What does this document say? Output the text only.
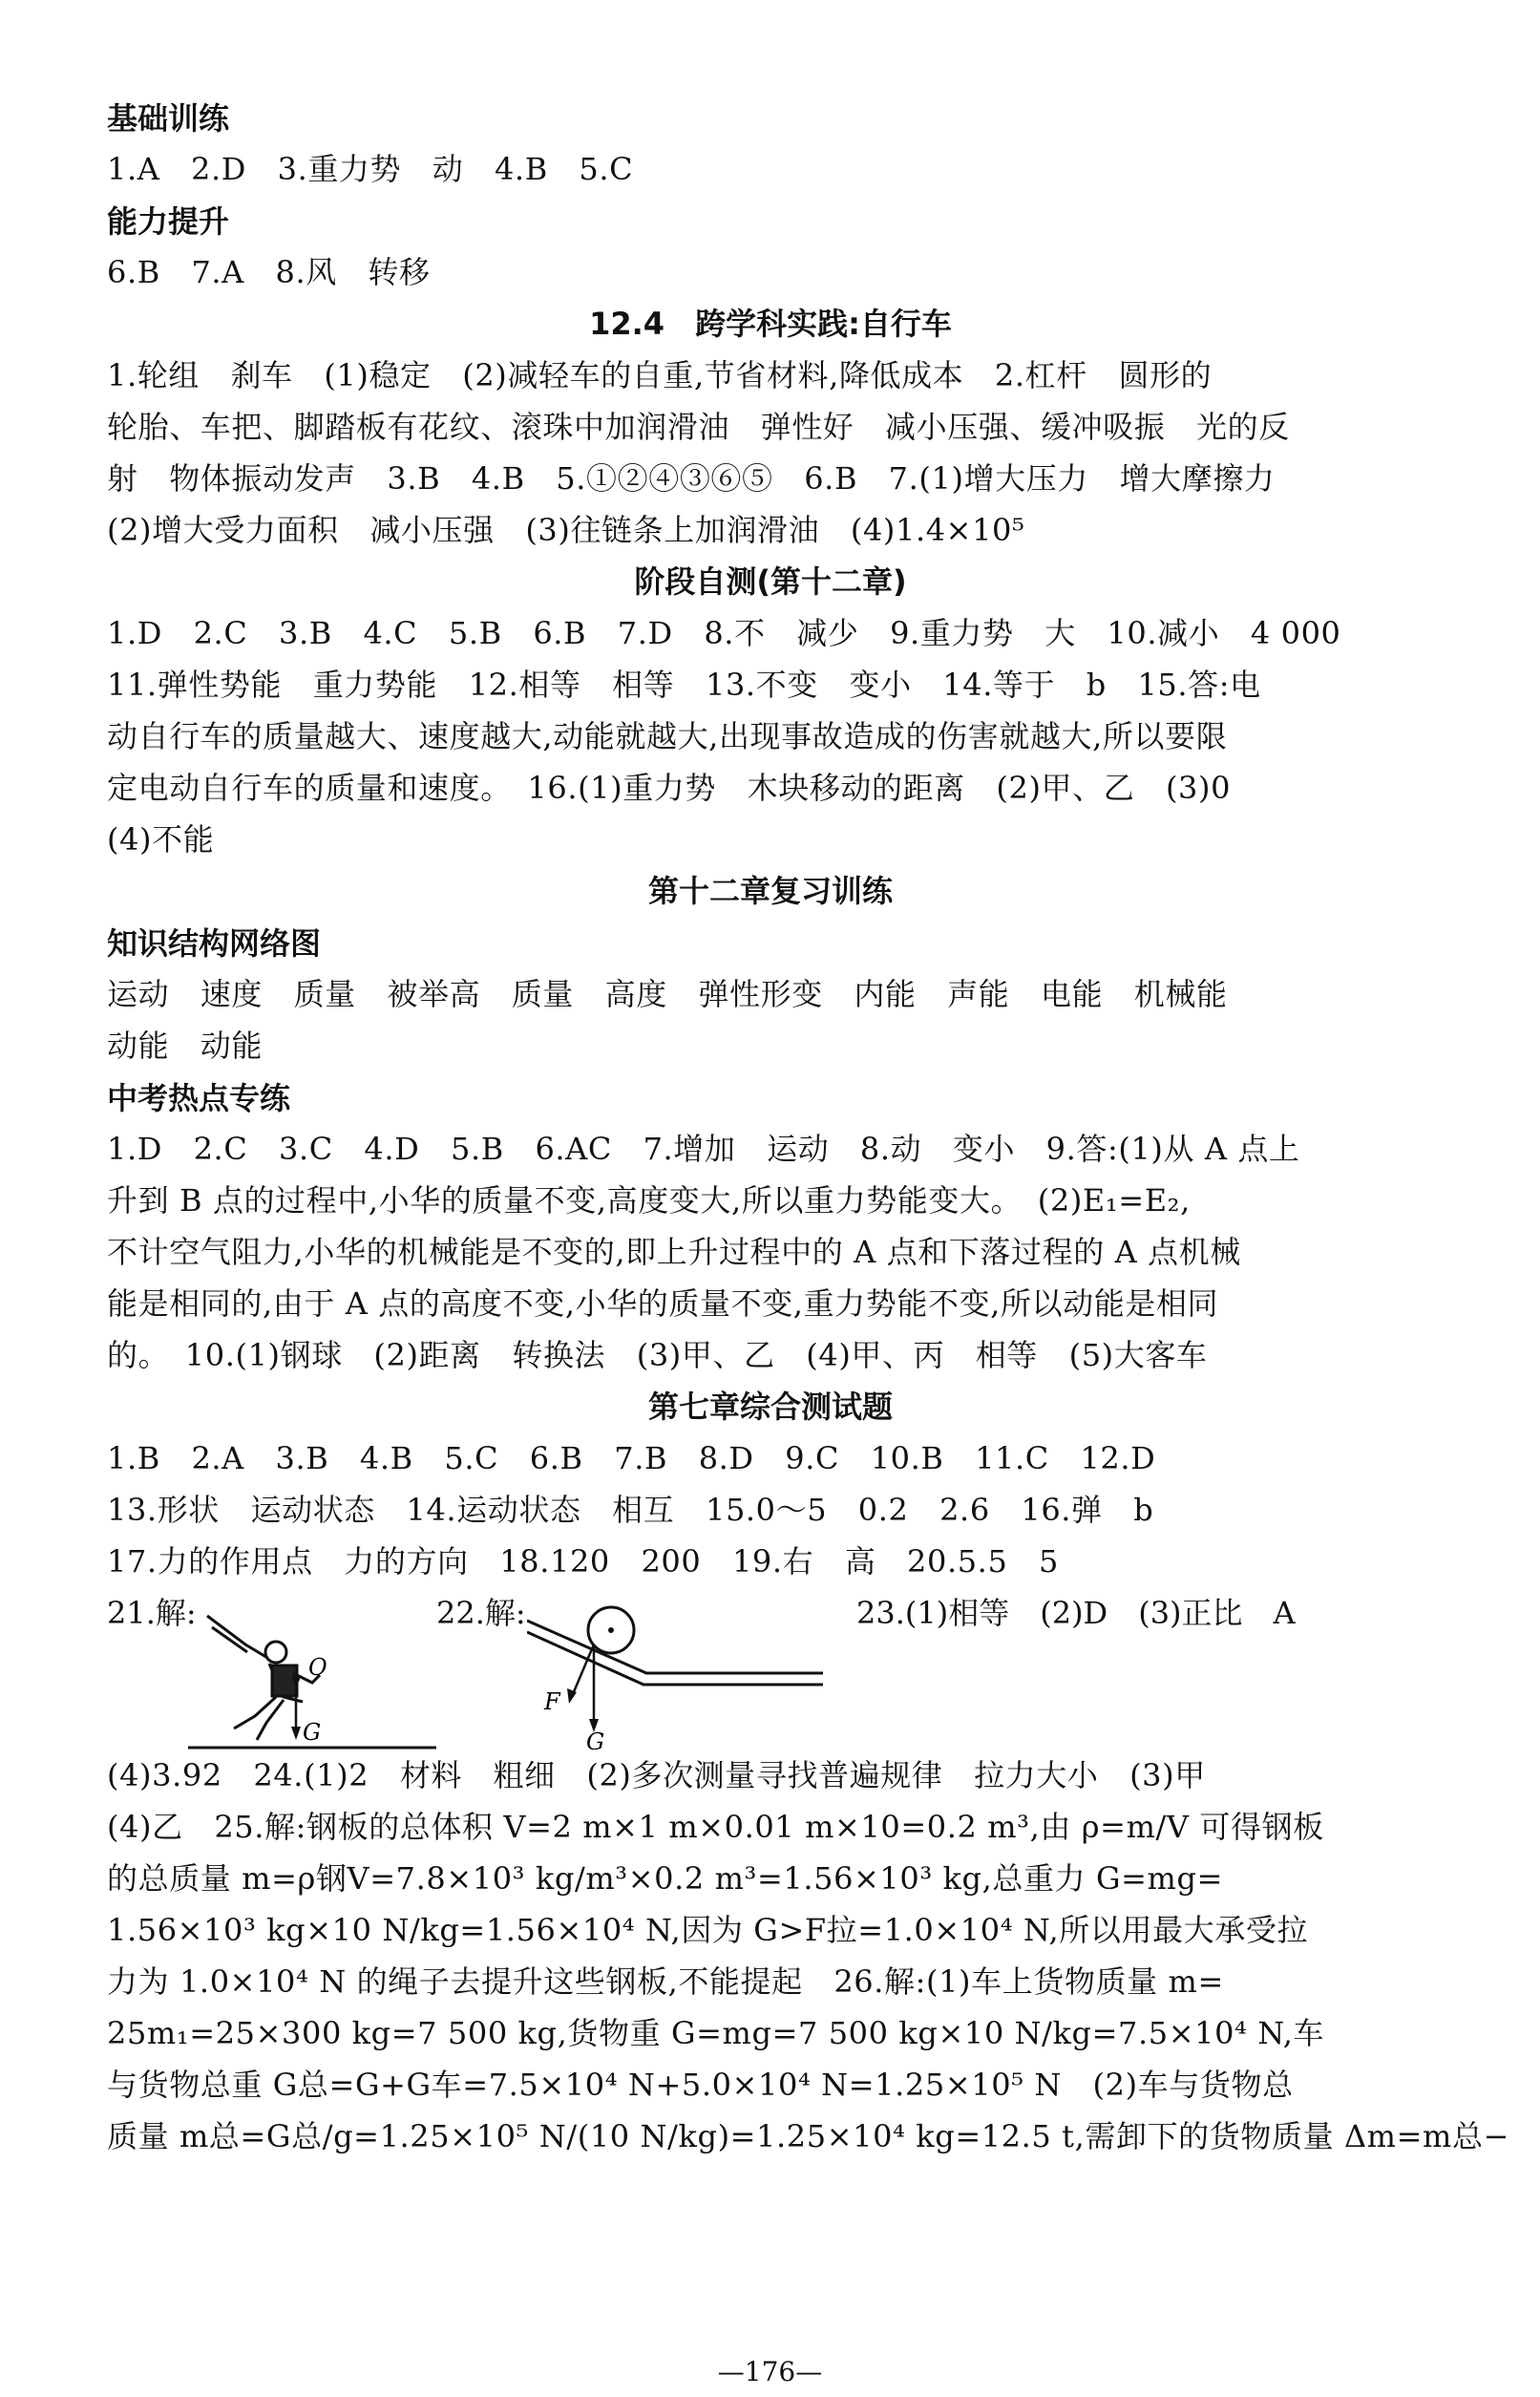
基础训练
1.A　2.D　3.重力势　动　4.B　5.C
能力提升
6.B　7.A　8.风　转移
12.4　跨学科实践:自行车
1.轮组　刹车　(1)稳定　(2)减轻车的自重,节省材料,降低成本　2.杠杆　圆形的
轮胎、车把、脚踏板有花纹、滚珠中加润滑油　弹性好　减小压强、缓冲吸振　光的反
射　物体振动发声　3.B　4.B　5.①②④③⑥⑤　6.B　7.(1)增大压力　增大摩擦力
(2)增大受力面积　减小压强　(3)往链条上加润滑油　(4)1.4×10⁵
阶段自测(第十二章)
1.D　2.C　3.B　4.C　5.B　6.B　7.D　8.不　减少　9.重力势　大　10.减小　4 000
11.弹性势能　重力势能　12.相等　相等　13.不变　变小　14.等于　b　15.答:电
动自行车的质量越大、速度越大,动能就越大,出现事故造成的伤害就越大,所以要限
定电动自行车的质量和速度。　16.(1)重力势　木块移动的距离　(2)甲、乙　(3)0
(4)不能
第十二章复习训练
知识结构网络图
运动　速度　质量　被举高　质量　高度　弹性形变　内能　声能　电能　机械能
动能　动能
中考热点专练
1.D　2.C　3.C　4.D　5.B　6.AC　7.增加　运动　8.动　变小　9.答:(1)从 A 点上
升到 B 点的过程中,小华的质量不变,高度变大,所以重力势能变大。　(2)E₁=E₂,
不计空气阻力,小华的机械能是不变的,即上升过程中的 A 点和下落过程的 A 点机械
能是相同的,由于 A 点的高度不变,小华的质量不变,重力势能不变,所以动能是相同
的。　10.(1)钢球　(2)距离　转换法　(3)甲、乙　(4)甲、丙　相等　(5)大客车
第七章综合测试题
1.B　2.A　3.B　4.B　5.C　6.B　7.B　8.D　9.C　10.B　11.C　12.D
13.形状　运动状态　14.运动状态　相互　15.0～5　0.2　2.6　16.弹　b
17.力的作用点　力的方向　18.120　200　19.右　高　20.5.5　5
21.解:
O
G
22.解:
F
G
23.(1)相等　(2)D　(3)正比　A
(4)3.92　24.(1)2　材料　粗细　(2)多次测量寻找普遍规律　拉力大小　(3)甲
(4)乙　25.解:钢板的总体积 V=2 m×1 m×0.01 m×10=0.2 m³,由 ρ=m/V 可得钢板
的总质量 m=ρ钢V=7.8×10³ kg/m³×0.2 m³=1.56×10³ kg,总重力 G=mg=
1.56×10³ kg×10 N/kg=1.56×10⁴ N,因为 G>F拉=1.0×10⁴ N,所以用最大承受拉
力为 1.0×10⁴ N 的绳子去提升这些钢板,不能提起　26.解:(1)车上货物质量 m=
25m₁=25×300 kg=7 500 kg,货物重 G=mg=7 500 kg×10 N/kg=7.5×10⁴ N,车
与货物总重 G总=G+G车=7.5×10⁴ N+5.0×10⁴ N=1.25×10⁵ N　(2)车与货物总
质量 m总=G总/g=1.25×10⁵ N/(10 N/kg)=1.25×10⁴ kg=12.5 t,需卸下的货物质量 Δm=m总−
—176—
